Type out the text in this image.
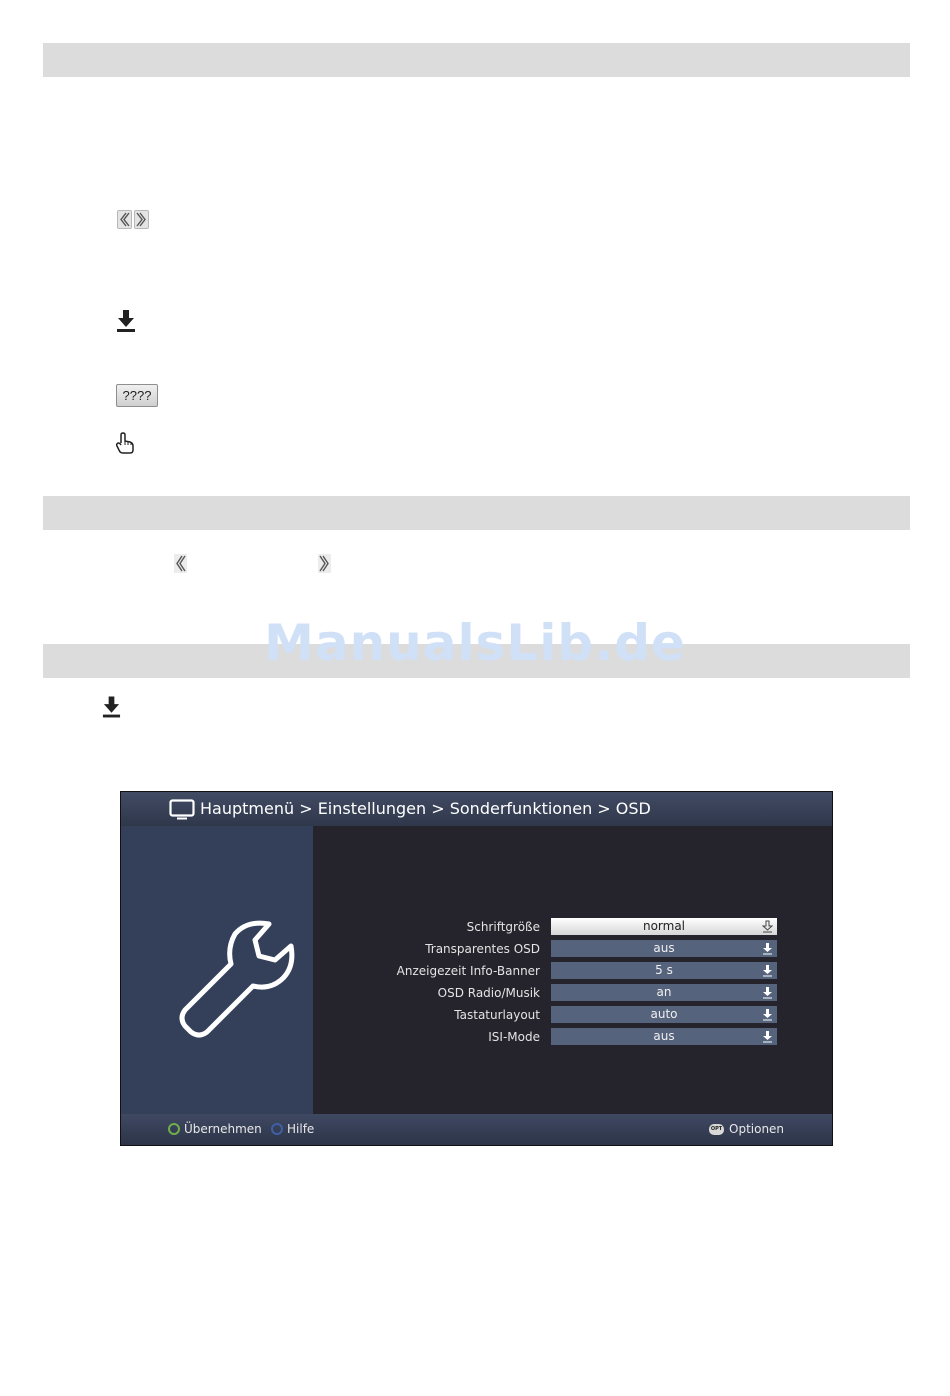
????
ManualsLib.de
Hauptmenü > Einstellungen > Sonderfunktionen > OSD
Schriftgröße	normal
Transparentes OSD	aus
Anzeigezeit Info-Banner	5 s
OSD Radio/Musik	an
Tastaturlayout	auto
ISI-Mode	aus
Übernehmen Hilfe	OPT Optionen
